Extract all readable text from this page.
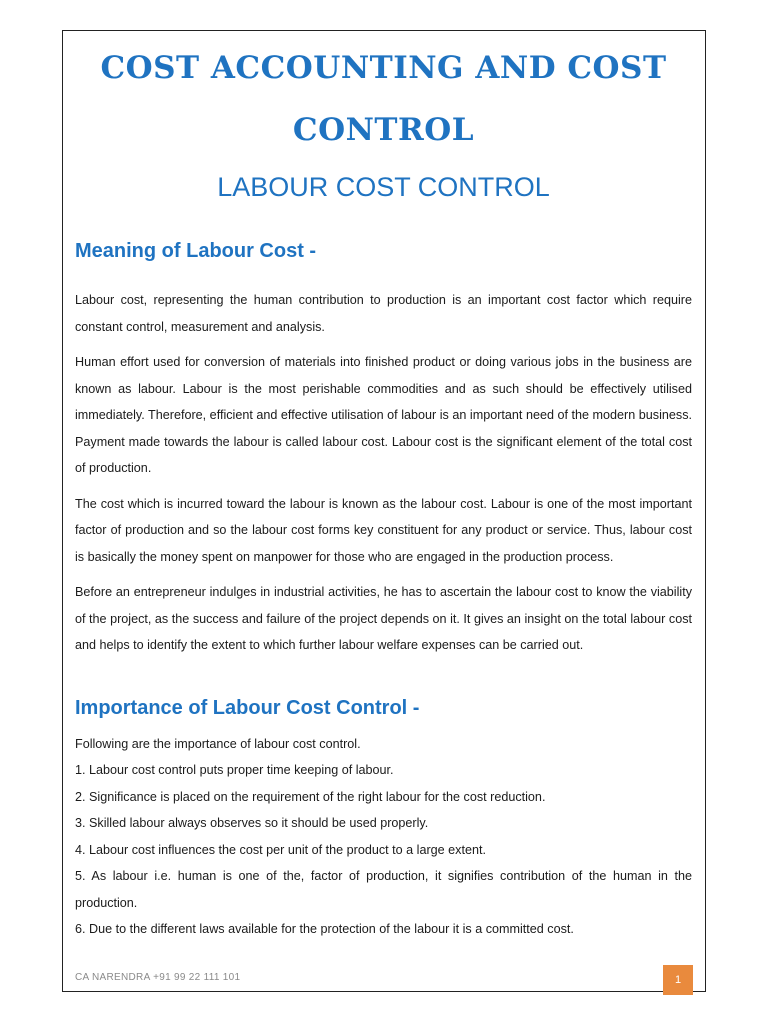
COST ACCOUNTING AND COST
CONTROL
LABOUR COST CONTROL
Meaning of Labour Cost -

Labour cost, representing the human contribution to production is an important cost factor which require constant control, measurement and analysis.

Human effort used for conversion of materials into finished product or doing various jobs in the business are known as labour. Labour is the most perishable commodities and as such should be effectively utilised immediately. Therefore, efficient and effective utilisation of labour is an important need of the modern business. Payment made towards the labour is called labour cost. Labour cost is the significant element of the total cost of production.

The cost which is incurred toward the labour is known as the labour cost. Labour is one of the most important factor of production and so the labour cost forms key constituent for any product or service. Thus, labour cost is basically the money spent on manpower for those who are engaged in the production process.

Before an entrepreneur indulges in industrial activities, he has to ascertain the labour cost to know the viability of the project, as the success and failure of the project depends on it. It gives an insight on the total labour cost and helps to identify the extent to which further labour welfare expenses can be carried out.

Importance of Labour Cost Control -
Following are the importance of labour cost control.
1. Labour cost control puts proper time keeping of labour.
2. Significance is placed on the requirement of the right labour for the cost reduction.
3. Skilled labour always observes so it should be used properly.
4. Labour cost influences the cost per unit of the product to a large extent.
5. As labour i.e. human is one of the, factor of production, it signifies contribution of the human in the production.
6. Due to the different laws available for the protection of the labour it is a committed cost.
CA NARENDRA +91 99 22 111 101	1
